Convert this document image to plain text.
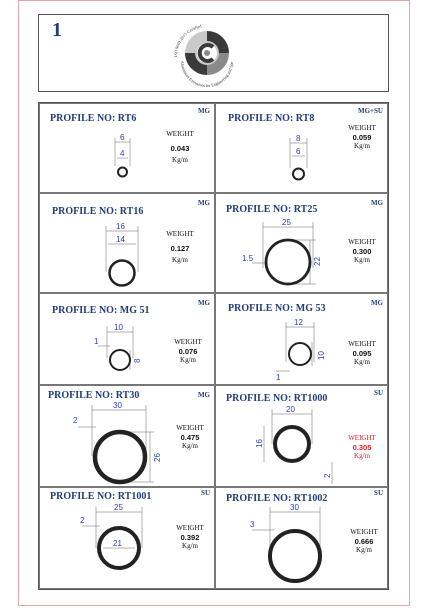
1
ISO 9001:2015 Certified
Aluminium Extrusions for Engineering and Spe
PROFILE NO: RT6
MG
6
4
WEIGHT
0.043
Kg/m
PROFILE NO: RT8
MG+SU
8
6
WEIGHT
0.059
Kg/m
PROFILE NO: RT16
MG
16
14
WEIGHT
0.127
Kg/m
PROFILE NO: RT25
MG
25
1.5	22
WEIGHT
0.300
Kg/m
PROFILE NO: MG 51
MG
10
1
8
WEIGHT
0.076
Kg/m
PROFILE NO: MG 53	MG
12
10
1
WEIGHT
0.095
Kg/m
PROFILE NO: RT30	MG
30
2
26
WEIGHT
0.475
Kg/m
PROFILE NO: RT1000	SU
20
16
2
WEIGHT
0.305
Kg/m
PROFILE NO: RT1001	SU
25
2
21
WEIGHT
0.392
Kg/m
PROFILE NO: RT1002	SU
30
3
WEIGHT
0.666
Kg/m
